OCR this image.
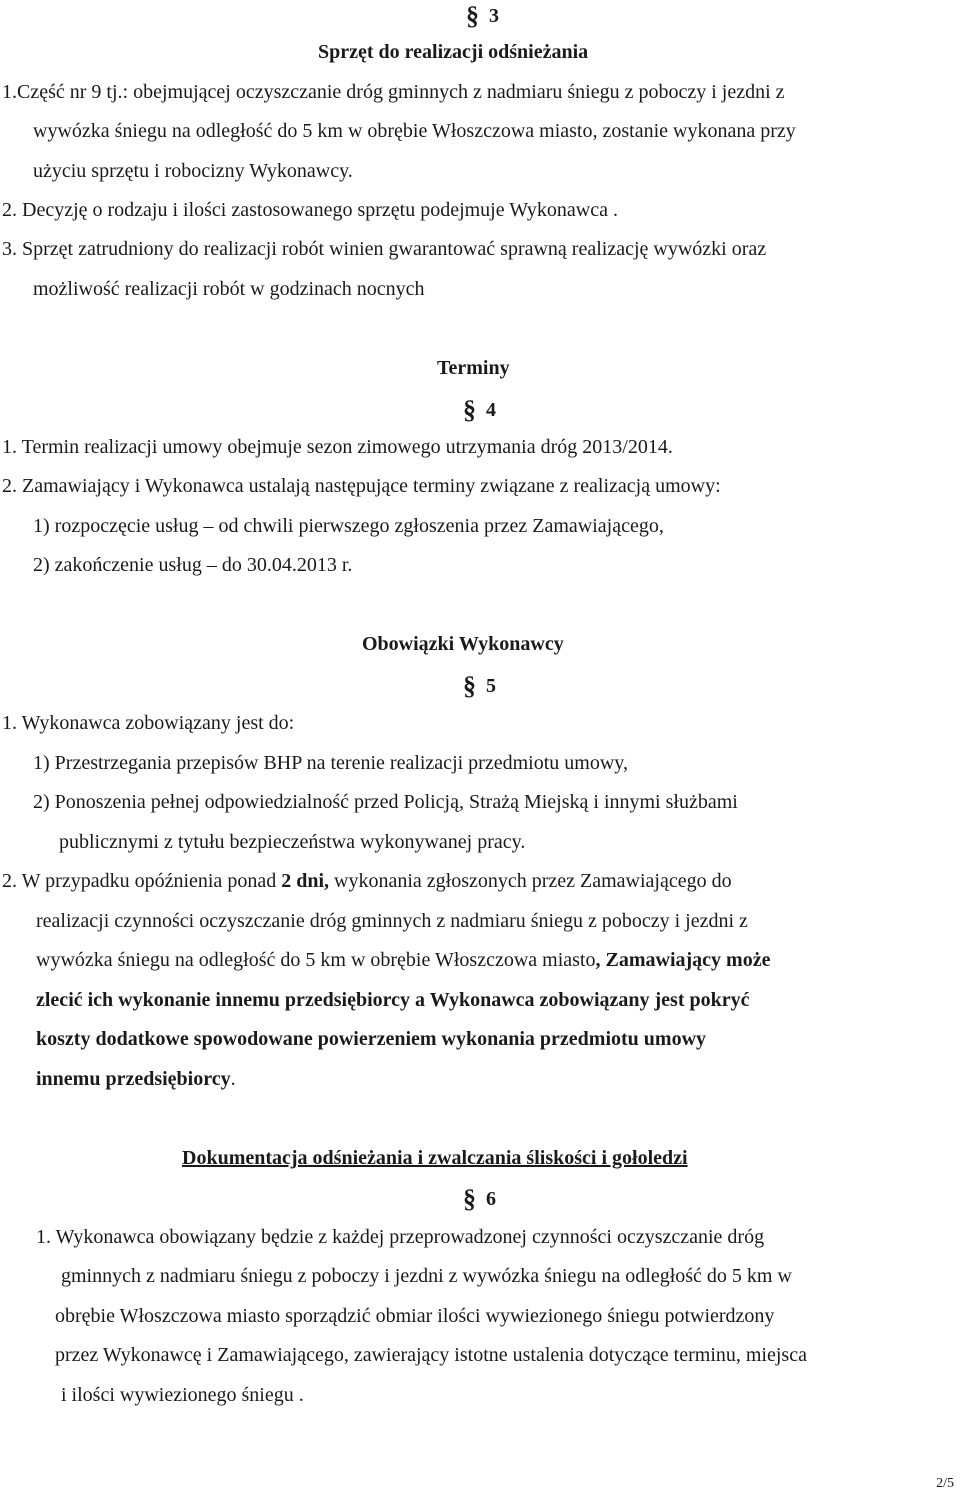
§ 3
Sprzęt do realizacji odśnieżania
1.Część nr 9 tj.: obejmującej oczyszczanie dróg gminnych z nadmiaru śniegu z poboczy i jezdni z
wywózka śniegu na odległość do 5 km w obrębie Włoszczowa miasto, zostanie wykonana przy
użyciu sprzętu i robocizny Wykonawcy.
2. Decyzję o rodzaju i ilości zastosowanego sprzętu podejmuje Wykonawca .
3. Sprzęt zatrudniony do realizacji robót winien gwarantować sprawną realizację wywózki oraz
możliwość realizacji robót w godzinach nocnych
Terminy
§ 4
1. Termin realizacji umowy obejmuje sezon zimowego utrzymania dróg 2013/2014.
2. Zamawiający i Wykonawca ustalają następujące terminy związane z realizacją umowy:
1) rozpoczęcie usług – od chwili pierwszego zgłoszenia przez Zamawiającego,
2) zakończenie usług – do 30.04.2013 r.
Obowiązki Wykonawcy
§ 5
1. Wykonawca zobowiązany jest do:
1) Przestrzegania przepisów BHP na terenie realizacji przedmiotu umowy,
2) Ponoszenia pełnej odpowiedzialność przed Policją, Strażą Miejską i innymi służbami
publicznymi z tytułu bezpieczeństwa wykonywanej pracy.
2. W przypadku opóźnienia ponad 2 dni, wykonania zgłoszonych przez Zamawiającego do
realizacji czynności oczyszczanie dróg gminnych z nadmiaru śniegu z poboczy i jezdni z
wywózka śniegu na odległość do 5 km w obrębie Włoszczowa miasto, Zamawiający może
zlecić ich wykonanie innemu przedsiębiorcy a Wykonawca zobowiązany jest pokryć
koszty dodatkowe spowodowane powierzeniem wykonania przedmiotu umowy
innemu przedsiębiorcy.
Dokumentacja odśnieżania i zwalczania śliskości i gołoledzi
§ 6
1. Wykonawca obowiązany będzie z każdej przeprowadzonej czynności oczyszczanie dróg
gminnych z nadmiaru śniegu z poboczy i jezdni z wywózka śniegu na odległość do 5 km w
obrębie Włoszczowa miasto sporządzić obmiar ilości wywiezionego śniegu potwierdzony
przez Wykonawcę i Zamawiającego, zawierający istotne ustalenia dotyczące terminu, miejsca
i ilości wywiezionego śniegu .
2/5
